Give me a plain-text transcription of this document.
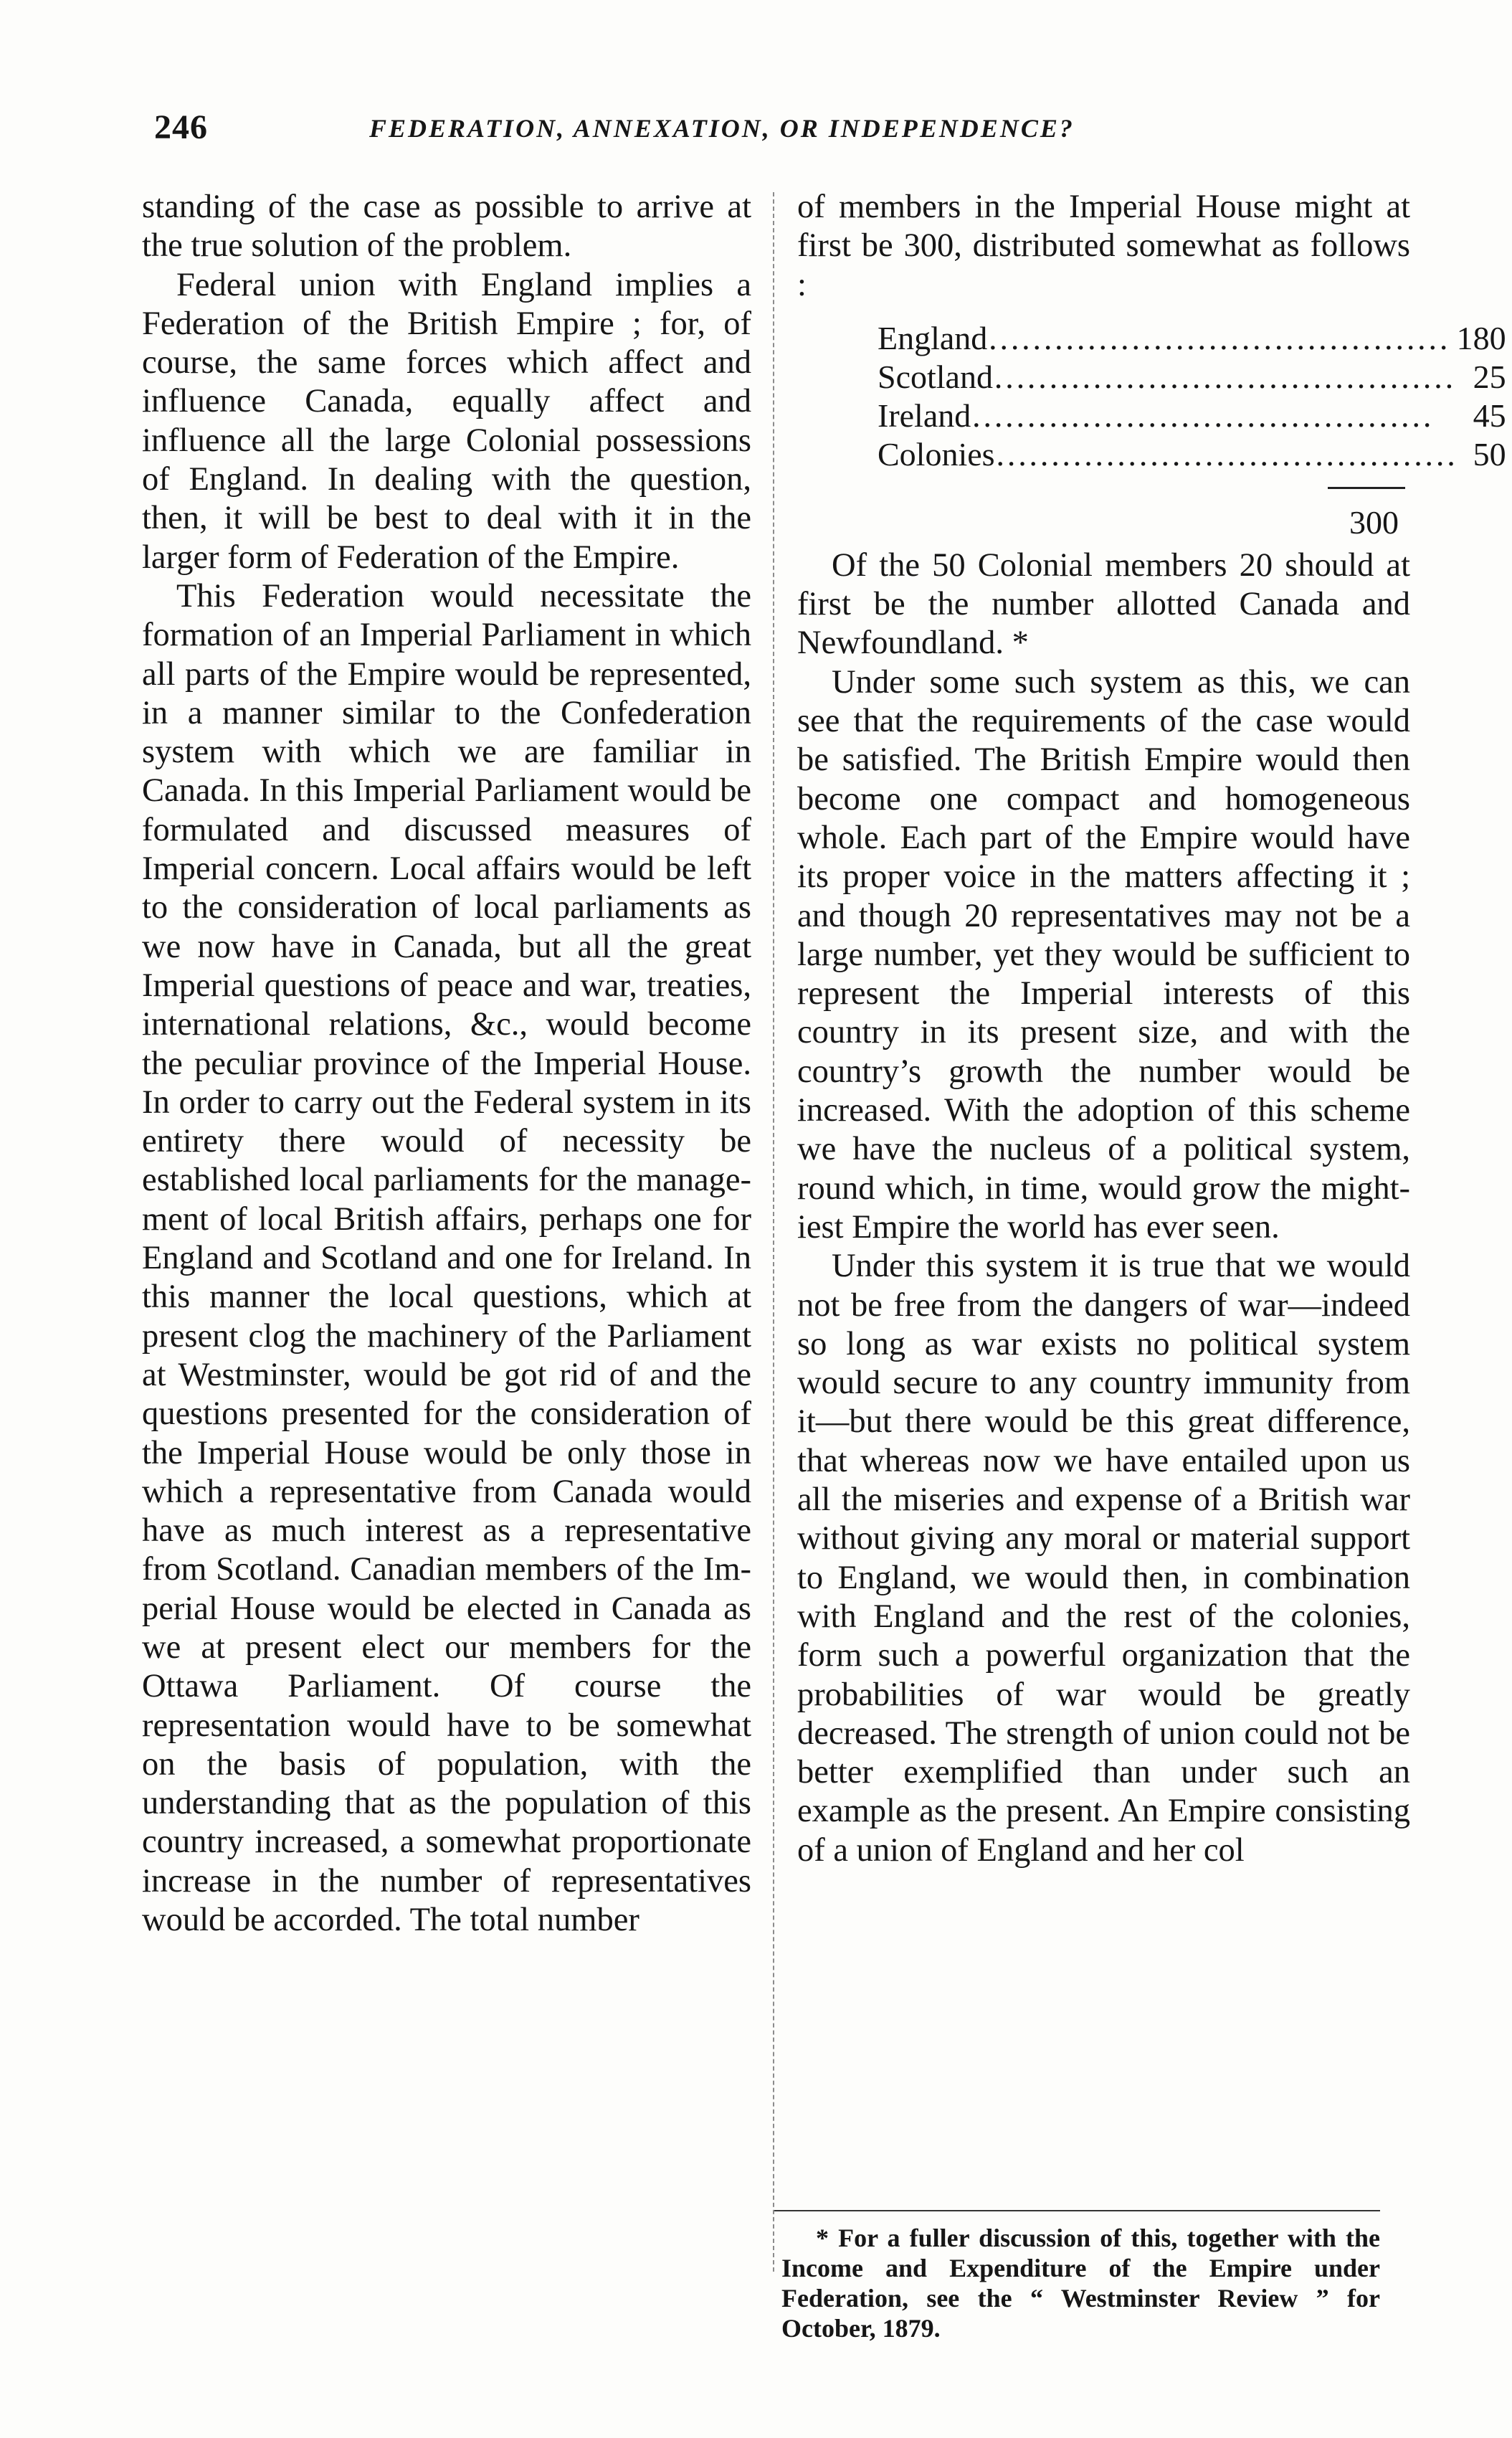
246	FEDERATION, ANNEXATION, OR INDEPENDENCE?

standing of the case as possible to arrive at the true solution of the problem.

Federal union with England implies a Federation of the British Empire ; for, of course, the same forces which affect and influence Canada, equally affect and influence all the large Colonial possessions of England. In dealing with the question, then, it will be best to deal with it in the larger form of Federation of the Empire.

This Federation would necessitate the formation of an Imperial Parliament in which all parts of the Empire would be represented, in a manner similar to the Confederation system with which we are familiar in Canada. In this Imperial Parliament would be formulated and discussed measures of Imperial concern. Local affairs would be left to the consideration of local parliaments as we now have in Canada, but all the great Imperial questions of peace and war, treaties, international relations, &c., would become the peculiar province of the Imperial House. In order to carry out the Federal system in its entirety there would of necessity be established local parliaments for the management of local British affairs, perhaps one for England and Scotland and one for Ireland. In this manner the local questions, which at present clog the machinery of the Parliament at Westminster, would be got rid of and the questions presented for the consideration of the Imperial House would be only those in which a representative from Canada would have as much interest as a representative from Scotland. Canadian members of the Imperial House would be elected in Canada as we at present elect our members for the Ottawa Parliament. Of course the representation would have to be somewhat on the basis of population, with the understanding that as the population of this country increased, a somewhat proportionate increase in the number of representatives would be accorded. The total number

of members in the Imperial House might at first be 300, distributed somewhat as follows :

England……………………………………	180
Scotland……………………………………	25
Ireland……………………………………	45
Colonies……………………………………	50
300

Of the 50 Colonial members 20 should at first be the number allotted Canada and Newfoundland. *

Under some such system as this, we can see that the requirements of the case would be satisfied. The British Empire would then become one compact and homogeneous whole. Each part of the Empire would have its proper voice in the matters affecting it ; and though 20 representatives may not be a large number, yet they would be sufficient to represent the Imperial interests of this country in its present size, and with the country’s growth the number would be increased. With the adoption of this scheme we have the nucleus of a political system, round which, in time, would grow the mightiest Empire the world has ever seen.

Under this system it is true that we would not be free from the dangers of war—indeed so long as war exists no political system would secure to any country immunity from it—but there would be this great difference, that whereas now we have entailed upon us all the miseries and expense of a British war without giving any moral or material support to England, we would then, in combination with England and the rest of the colonies, form such a powerful organization that the probabilities of war would be greatly decreased. The strength of union could not be better exemplified than under such an example as the present. An Empire consisting of a union of England and her col

* For a fuller discussion of this, together with the Income and Expenditure of the Empire under Federation, see the “ Westminster Review ” for October, 1879.
